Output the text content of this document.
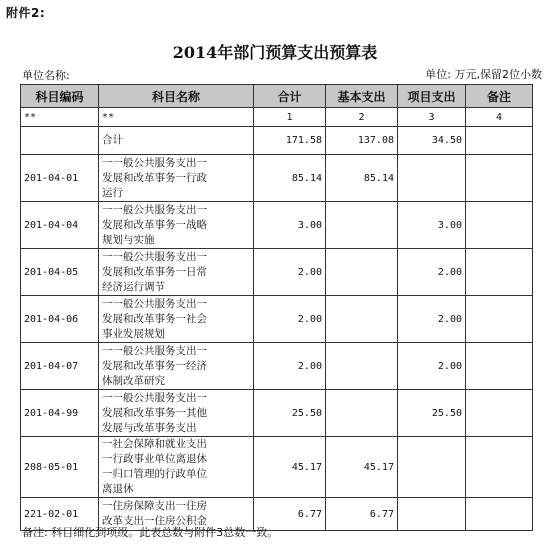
附件2:
2014年部门预算支出预算表
单位名称:	单位: 万元,保留2位小数
科目编码	科目名称	合计	基本支出	项目支出	备注
**	**	1	2	3	4
	合计	171.58	137.08	34.50	
201-04-01	一一般公共服务支出一
发展和改革事务一行政
运行	85.14	85.14		
201-04-04	一一般公共服务支出一
发展和改革事务一战略
规划与实施	3.00		3.00	
201-04-05	一一般公共服务支出一
发展和改革事务一日常
经济运行调节	2.00		2.00	
201-04-06	一一般公共服务支出一
发展和改革事务一社会
事业发展规划	2.00		2.00	
201-04-07	一一般公共服务支出一
发展和改革事务一经济
体制改革研究	2.00		2.00	
201-04-99	一一般公共服务支出一
发展和改革事务一其他
发展与改革事务支出	25.50		25.50	
208-05-01	一社会保障和就业支出
一行政事业单位离退休
一归口管理的行政单位
离退休	45.17	45.17		
221-02-01	一住房保障支出一住房
改革支出一住房公积金	6.77	6.77		
备注: 科目细化到项级。此表总数与附件3总数一致。
